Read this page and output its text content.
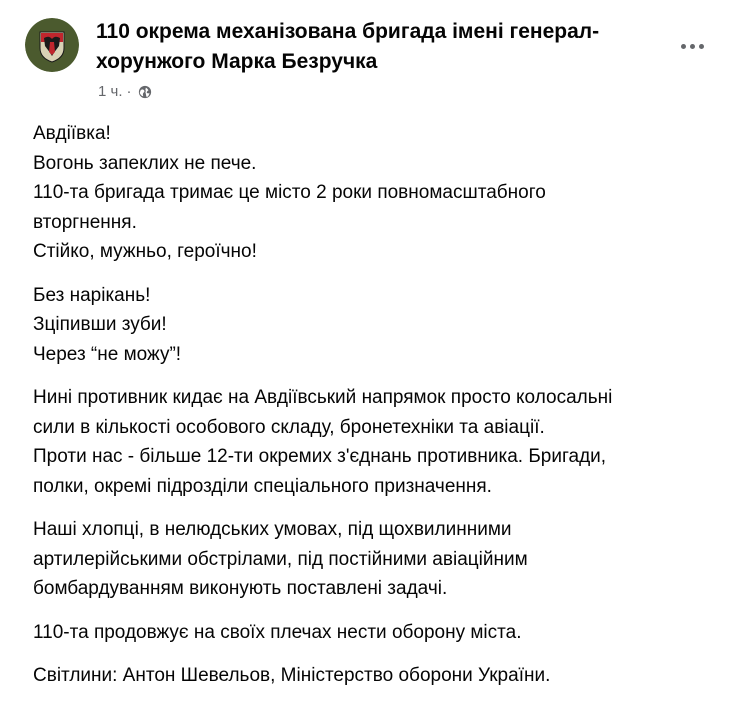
110 окрема механізована бригада імені генерал-
хорунжого Марка Безручка
1 ч. ·
Авдіївка!
Вогонь запеклих не пече.
110-та бригада тримає це місто 2 роки повномасштабного
вторгнення.
Стійко, мужньо, героїчно!
Без нарікань!
Зціпивши зуби!
Через “не можу”!
Нині противник кидає на Авдіївський напрямок просто колосальні
сили в кількості особового складу, бронетехніки та авіації.
Проти нас - більше 12-ти окремих з'єднань противника. Бригади,
полки, окремі підрозділи спеціального призначення.
Наші хлопці, в нелюдських умовах, під щохвилинними
артилерійськими обстрілами, під постійними авіаційним
бомбардуванням виконують поставлені задачі.
110-та продовжує на своїх плечах нести оборону міста.
Світлини: Антон Шевельов, Міністерство оборони України.
